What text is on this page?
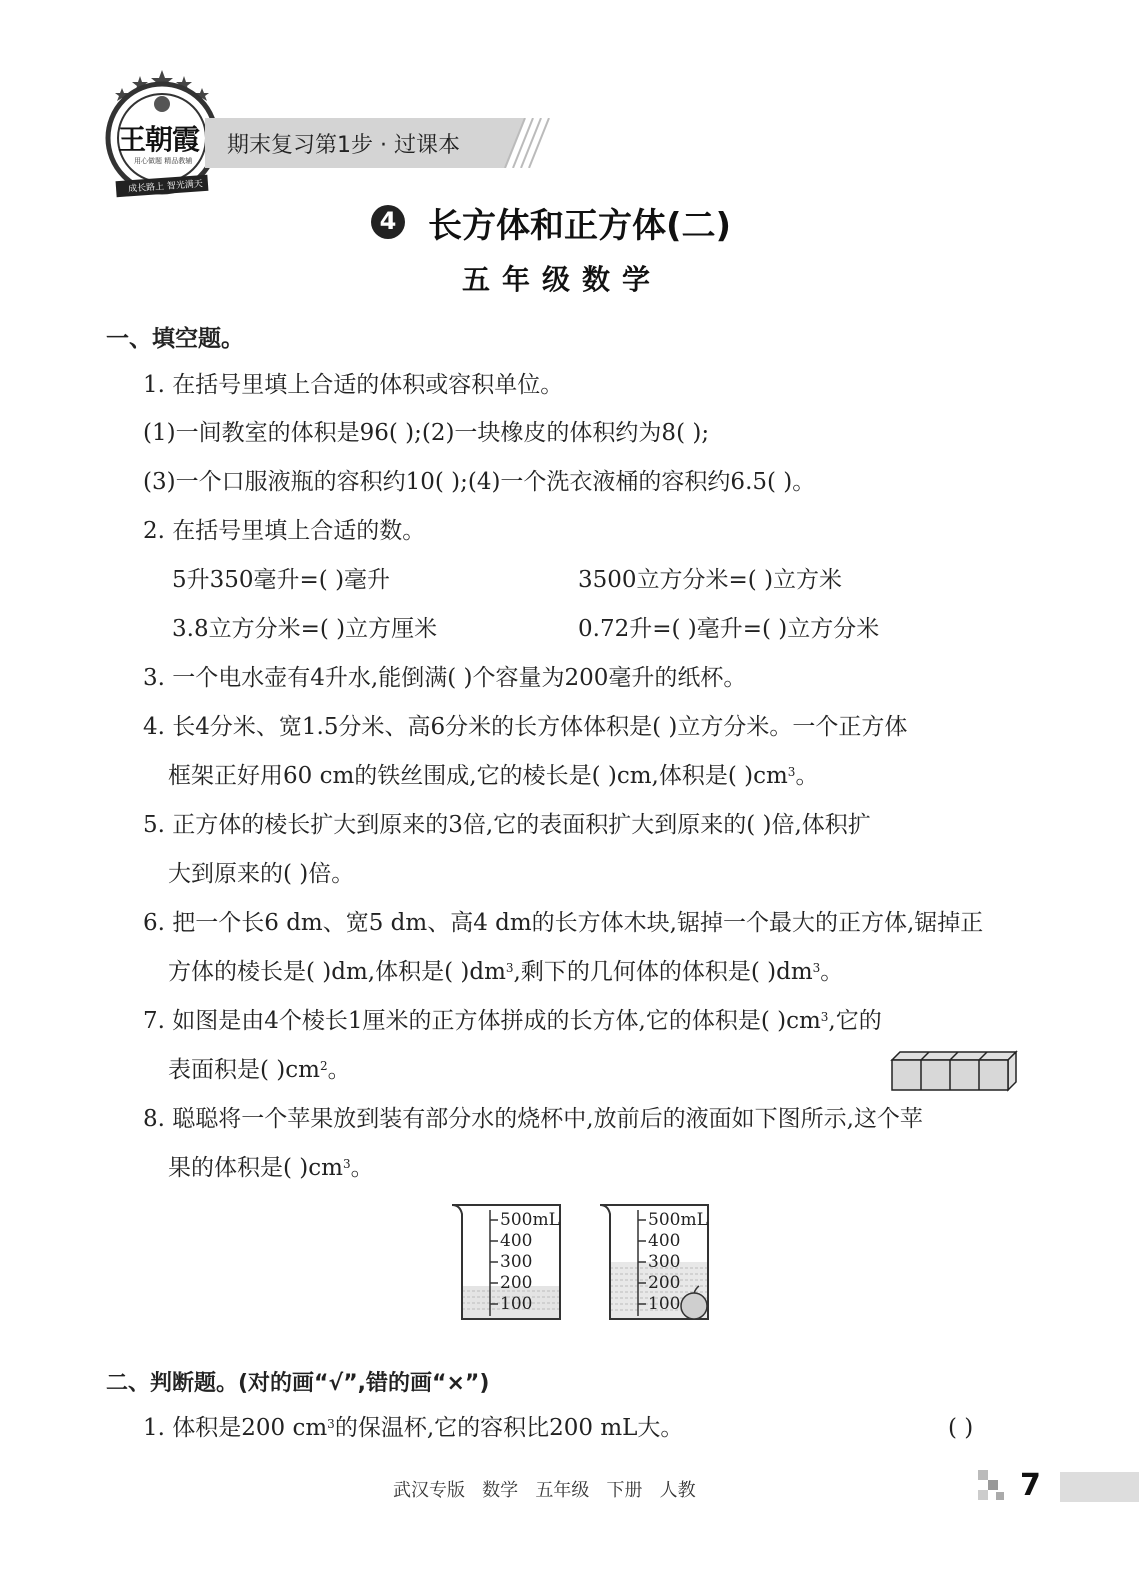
王朝霞
用心做题 精品教辅
成长路上 智光满天
期末复习第1步 · 过课本
4 长方体和正方体(二)
五年级数学
一、填空题。
1. 在括号里填上合适的体积或容积单位。
(1)一间教室的体积是96( );(2)一块橡皮的体积约为8( );
(3)一个口服液瓶的容积约10( );(4)一个洗衣液桶的容积约6.5( )。
2. 在括号里填上合适的数。
5升350毫升=( )毫升	3500立方分米=( )立方米
3.8立方分米=( )立方厘米	0.72升=( )毫升=( )立方分米
3. 一个电水壶有4升水,能倒满( )个容量为200毫升的纸杯。
4. 长4分米、宽1.5分米、高6分米的长方体体积是( )立方分米。一个正方体
框架正好用60 cm的铁丝围成,它的棱长是( )cm,体积是( )$cm^3$。
5. 正方体的棱长扩大到原来的3倍,它的表面积扩大到原来的( )倍,体积扩
大到原来的( )倍。
6. 把一个长6 dm、宽5 dm、高4 dm的长方体木块,锯掉一个最大的正方体,锯掉正
方体的棱长是( )dm,体积是( )$dm^3$,剩下的几何体的体积是( )$dm^3$。
7. 如图是由4个棱长1厘米的正方体拼成的长方体,它的体积是( )$cm^3$,它的
表面积是( )$cm^2$。
8. 聪聪将一个苹果放到装有部分水的烧杯中,放前后的液面如下图所示,这个苹
果的体积是( )$cm^3$。
500mL
400
300
200
100
500mL
400
300
200
100
二、判断题。(对的画“√”,错的画“×”)
1. 体积是200 $cm^3$的保温杯,它的容积比200 mL大。	( )
武汉专版   数学   五年级   下册   人教	7
